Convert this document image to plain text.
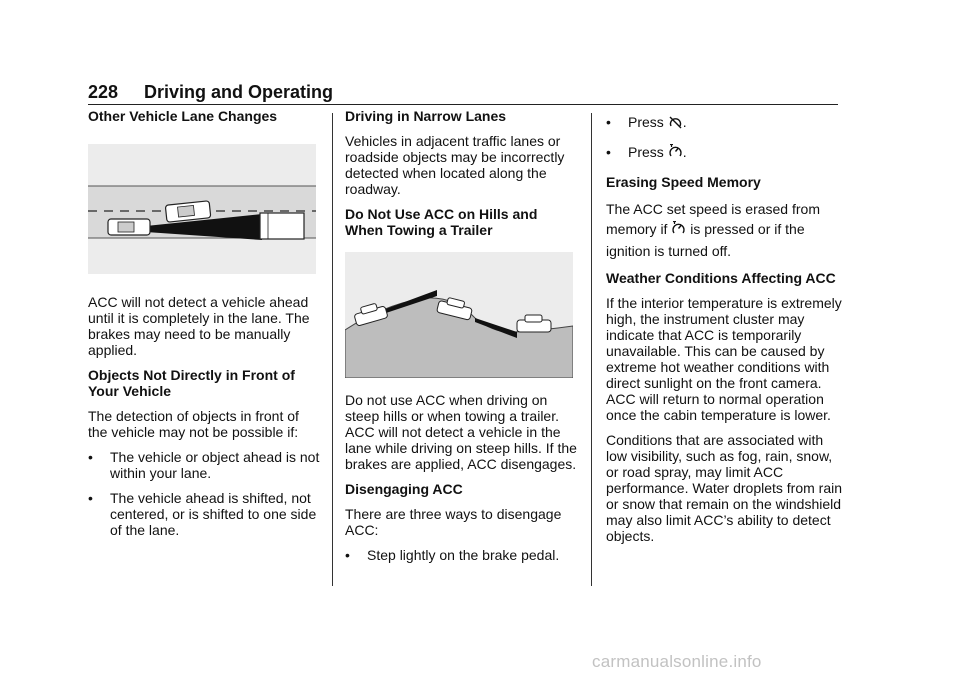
228 Driving and Operating

Other Vehicle Lane Changes

ACC will not detect a vehicle ahead until it is completely in the lane. The brakes may need to be manually applied.

Objects Not Directly in Front of Your Vehicle

The detection of objects in front of the vehicle may not be possible if:

•	The vehicle or object ahead is not within your lane.
•	The vehicle ahead is shifted, not centered, or is shifted to one side of the lane.

Driving in Narrow Lanes

Vehicles in adjacent traffic lanes or roadside objects may be incorrectly detected when located along the roadway.

Do Not Use ACC on Hills and When Towing a Trailer

Do not use ACC when driving on steep hills or when towing a trailer. ACC will not detect a vehicle in the lane while driving on steep hills. If the brakes are applied, ACC disengages.

Disengaging ACC

There are three ways to disengage ACC:

•	Step lightly on the brake pedal.
•	Press .
•	Press .

Erasing Speed Memory

The ACC set speed is erased from memory if is pressed or if the ignition is turned off.

Weather Conditions Affecting ACC

If the interior temperature is extremely high, the instrument cluster may indicate that ACC is temporarily unavailable. This can be caused by extreme hot weather conditions with direct sunlight on the front camera. ACC will return to normal operation once the cabin temperature is lower.

Conditions that are associated with low visibility, such as fog, rain, snow, or road spray, may limit ACC performance. Water droplets from rain or snow that remain on the windshield may also limit ACC’s ability to detect objects.

carmanualsonline.info
